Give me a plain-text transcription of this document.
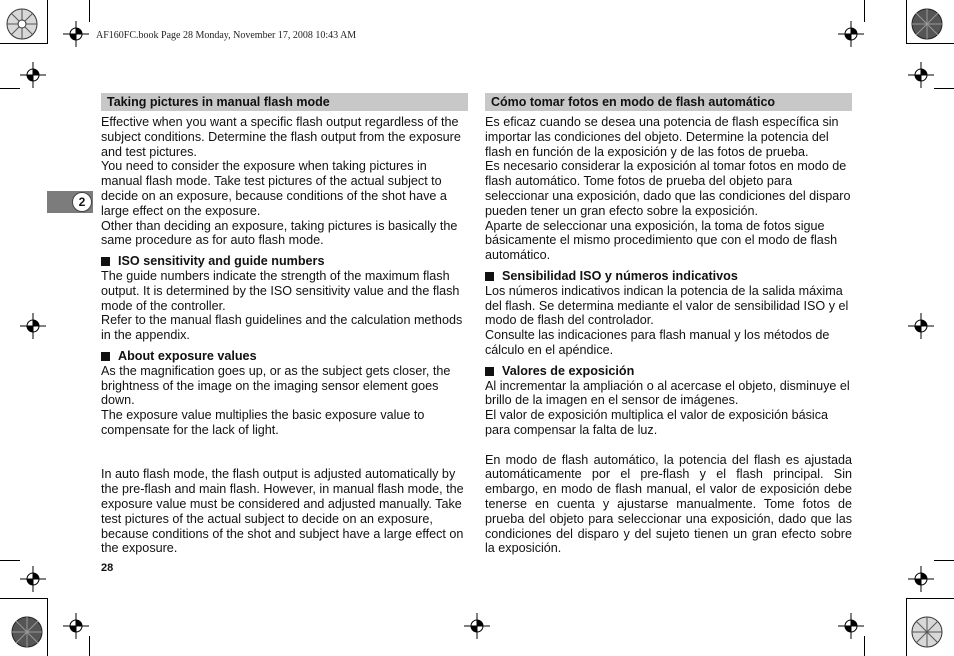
AF160FC.book Page 28 Monday, November 17, 2008 10:43 AM
2
Taking pictures in manual flash mode

Effective when you want a specific flash output regardless of the subject conditions. Determine the flash output from the exposure and test pictures.

You need to consider the exposure when taking pictures in manual flash mode. Take test pictures of the actual subject to decide on an exposure, because conditions of the shot have a large effect on the exposure.

Other than deciding an exposure, taking pictures is basically the same procedure as for auto flash mode.

ISO sensitivity and guide numbers

The guide numbers indicate the strength of the maximum flash output. It is determined by the ISO sensitivity value and the flash mode of the controller.

Refer to the manual flash guidelines and the calculation methods in the appendix.

About exposure values

As the magnification goes up, or as the subject gets closer, the brightness of the image on the imaging sensor element goes down.

The exposure value multiplies the basic exposure value to compensate for the lack of light.

In auto flash mode, the flash output is adjusted automatically by the pre-flash and main flash. However, in manual flash mode, the exposure value must be considered and adjusted manually. Take test pictures of the actual subject to decide on an exposure, because conditions of the shot and subject have a large effect on the exposure.

Cómo tomar fotos en modo de flash automático

Es eficaz cuando se desea una potencia de flash específica sin importar las condiciones del objeto. Determine la potencia del flash en función de la exposición y de las fotos de prueba.

Es necesario considerar la exposición al tomar fotos en modo de flash automático. Tome fotos de prueba del objeto para seleccionar una exposición, dado que las condiciones del disparo pueden tener un gran efecto sobre la exposición.

Aparte de seleccionar una exposición, la toma de fotos sigue básicamente el mismo procedimiento que con el modo de flash automático.

Sensibilidad ISO y números indicativos

Los números indicativos indican la potencia de la salida máxima del flash. Se determina mediante el valor de sensibilidad ISO y el modo de flash del controlador.

Consulte las indicaciones para flash manual y los métodos de cálculo en el apéndice.

Valores de exposición

Al incrementar la ampliación o al acercase el objeto, disminuye el brillo de la imagen en el sensor de imágenes.

El valor de exposición multiplica el valor de exposición básica para compensar la falta de luz.

En modo de flash automático, la potencia del flash es ajustada automáticamente por el pre-flash y el flash principal. Sin embargo, en modo de flash manual, el valor de exposición debe tenerse en cuenta y ajustarse manualmente. Tome fotos de prueba del objeto para seleccionar una exposición, dado que las condiciones del disparo y del sujeto tienen un gran efecto sobre la exposición.

28
